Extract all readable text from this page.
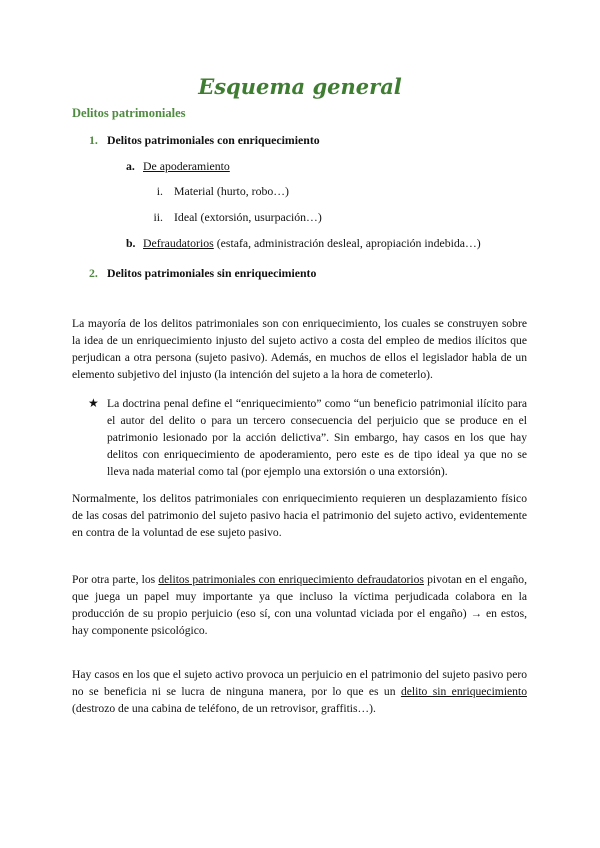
Esquema general
Delitos patrimoniales
1. Delitos patrimoniales con enriquecimiento
a. De apoderamiento
i. Material (hurto, robo…)
ii. Ideal (extorsión, usurpación…)
b. Defraudatorios (estafa, administración desleal, apropiación indebida…)
2. Delitos patrimoniales sin enriquecimiento
La mayoría de los delitos patrimoniales son con enriquecimiento, los cuales se construyen sobre la idea de un enriquecimiento injusto del sujeto activo a costa del empleo de medios ilícitos que perjudican a otra persona (sujeto pasivo). Además, en muchos de ellos el legislador habla de un elemento subjetivo del injusto (la intención del sujeto a la hora de cometerlo).
★ La doctrina penal define el “enriquecimiento” como “un beneficio patrimonial ilícito para el autor del delito o para un tercero consecuencia del perjuicio que se produce en el patrimonio lesionado por la acción delictiva”. Sin embargo, hay casos en los que hay delitos con enriquecimiento de apoderamiento, pero este es de tipo ideal ya que no se lleva nada material como tal (por ejemplo una extorsión o una extorsión).
Normalmente, los delitos patrimoniales con enriquecimiento requieren un desplazamiento físico de las cosas del patrimonio del sujeto pasivo hacia el patrimonio del sujeto activo, evidentemente en contra de la voluntad de ese sujeto pasivo.
Por otra parte, los delitos patrimoniales con enriquecimiento defraudatorios pivotan en el engaño, que juega un papel muy importante ya que incluso la víctima perjudicada colabora en la producción de su propio perjuicio (eso sí, con una voluntad viciada por el engaño) → en estos, hay componente psicológico.
Hay casos en los que el sujeto activo provoca un perjuicio en el patrimonio del sujeto pasivo pero no se beneficia ni se lucra de ninguna manera, por lo que es un delito sin enriquecimiento (destrozo de una cabina de teléfono, de un retrovisor, graffitis…).
